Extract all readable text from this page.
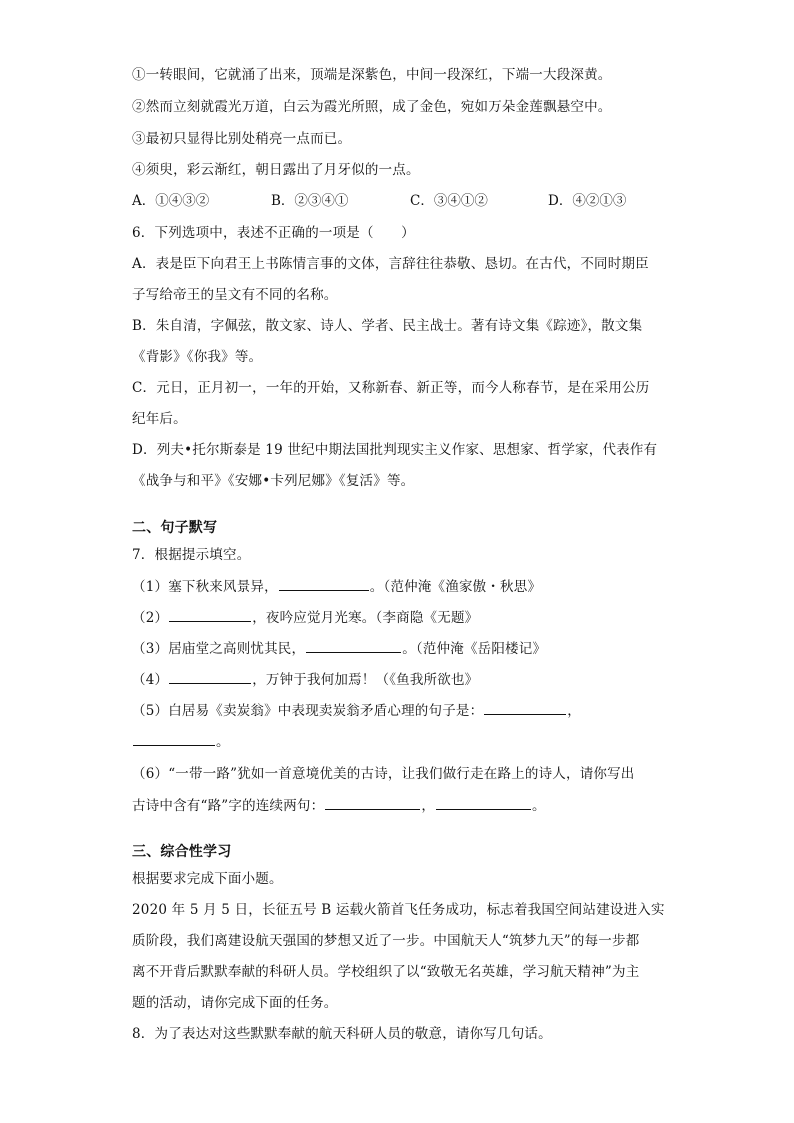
①一转眼间，它就涌了出来，顶端是深紫色，中间一段深红，下端一大段深黄。
②然而立刻就霞光万道，白云为霞光所照，成了金色，宛如万朵金莲飘悬空中。
③最初只显得比别处稍亮一点而已。
④须臾，彩云渐红，朝日露出了月牙似的一点。
A．①④③②	B．②③④①	C．③④①②	D．④②①③
6．下列选项中，表述不正确的一项是（　　）
A．表是臣下向君王上书陈情言事的文体，言辞往往恭敬、恳切。在古代，不同时期臣
子写给帝王的呈文有不同的名称。
B．朱自清，字佩弦，散文家、诗人、学者、民主战士。著有诗文集《踪迹》，散文集
《背影》《你我》等。
C．元日，正月初一，一年的开始，又称新春、新正等，而今人称春节，是在采用公历
纪年后。
D．列夫•托尔斯泰是 19 世纪中期法国批判现实主义作家、思想家、哲学家，代表作有
《战争与和平》《安娜•卡列尼娜》《复活》等。
二、句子默写
7．根据提示填空。
（1）塞下秋来风景异，	。（范仲淹《渔家傲・秋思》
（2）	，夜吟应觉月光寒。（李商隐《无题》
（3）居庙堂之高则忧其民，	。（范仲淹《岳阳楼记》
（4）	，万钟于我何加焉！（《鱼我所欲也》
（5）白居易《卖炭翁》中表现卖炭翁矛盾心理的句子是：	，
。
（6）“一带一路”犹如一首意境优美的古诗，让我们做行走在路上的诗人，请你写出
古诗中含有“路”字的连续两句：	，	。
三、综合性学习
根据要求完成下面小题。
2020 年 5 月 5 日，长征五号 B 运载火箭首飞任务成功，标志着我国空间站建设进入实
质阶段，我们离建设航天强国的梦想又近了一步。中国航天人“筑梦九天”的每一步都
离不开背后默默奉献的科研人员。学校组织了以“致敬无名英雄，学习航天精神”为主
题的活动，请你完成下面的任务。
8．为了表达对这些默默奉献的航天科研人员的敬意，请你写几句话。
